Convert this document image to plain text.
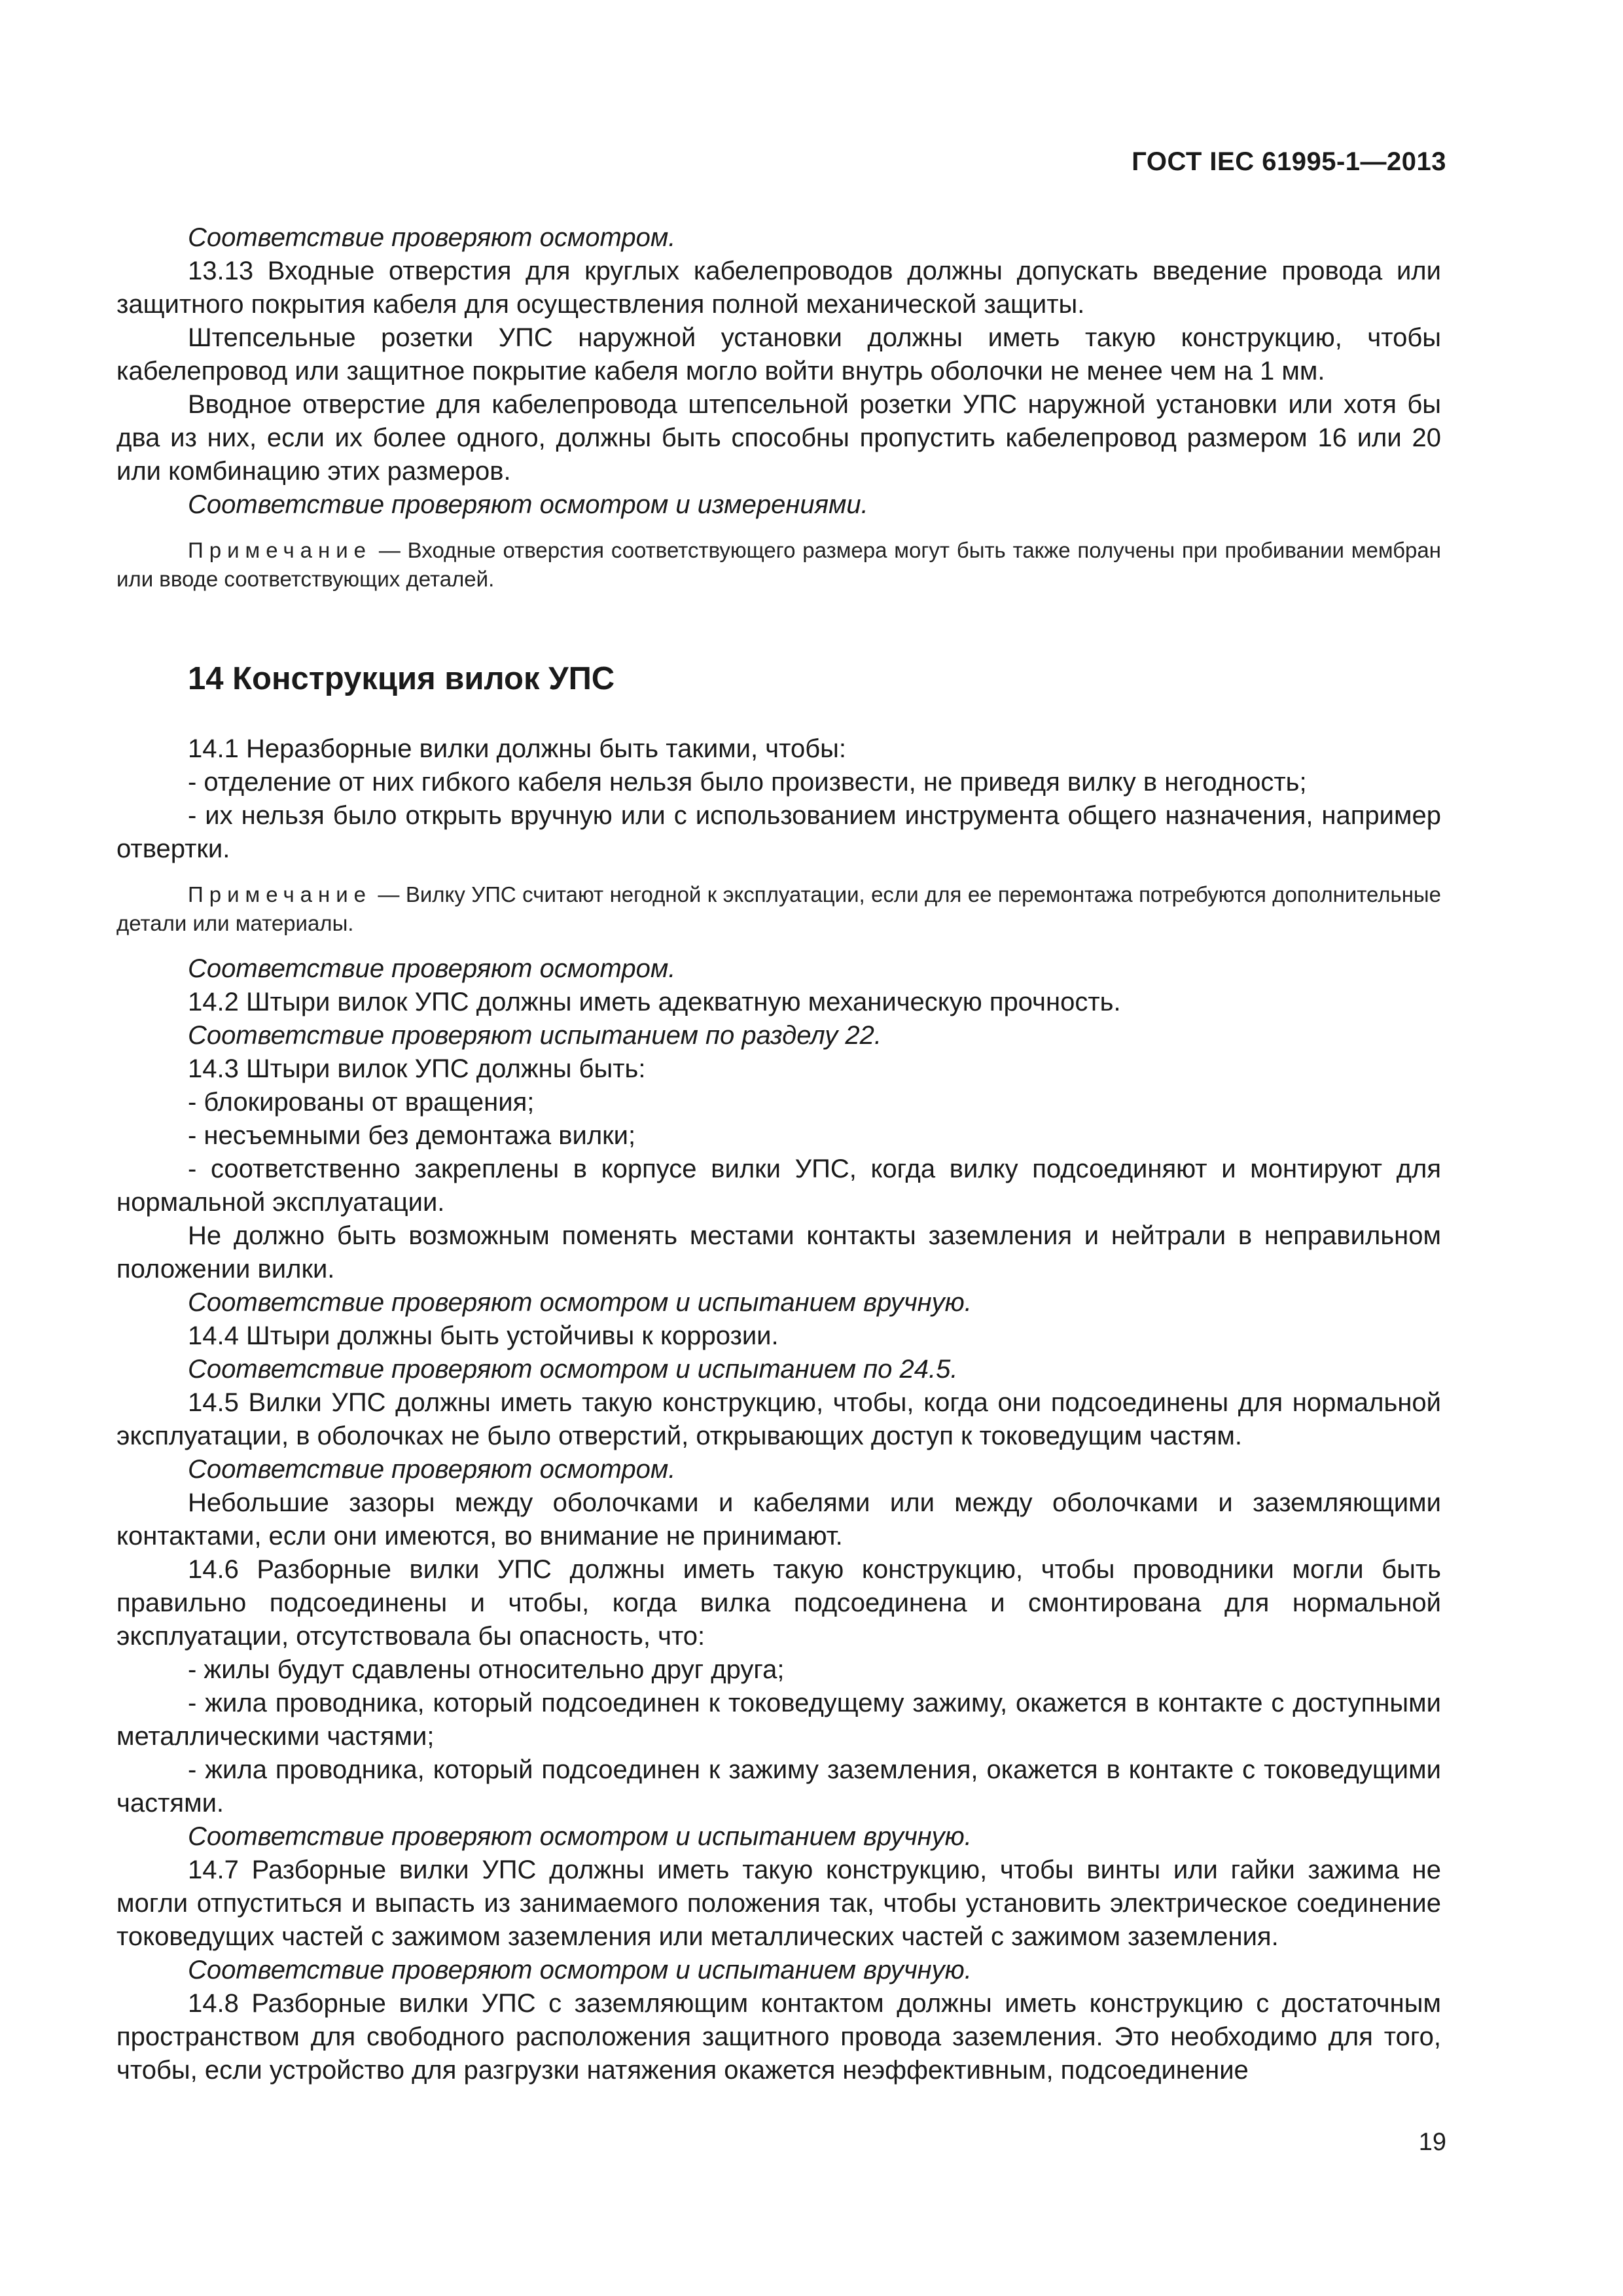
ГОСТ IEC 61995-1—2013

Соответствие проверяют осмотром.

13.13 Входные отверстия для круглых кабелепроводов должны допускать введение провода или защитного покрытия кабеля для осуществления полной механической защиты.

Штепсельные розетки УПС наружной установки должны иметь такую конструкцию, чтобы кабелепровод или защитное покрытие кабеля могло войти внутрь оболочки не менее чем на 1 мм.

Вводное отверстие для кабелепровода штепсельной розетки УПС наружной установки или хотя бы два из них, если их более одного, должны быть способны пропустить кабелепровод размером 16 или 20 или комбинацию этих размеров.

Соответствие проверяют осмотром и измерениями.

Примечание — Входные отверстия соответствующего размера могут быть также получены при пробивании мембран или вводе соответствующих деталей.

14 Конструкция вилок УПС

14.1 Неразборные вилки должны быть такими, чтобы:

- отделение от них гибкого кабеля нельзя было произвести, не приведя вилку в негодность;

- их нельзя было открыть вручную или с использованием инструмента общего назначения, например отвертки.

Примечание — Вилку УПС считают негодной к эксплуатации, если для ее перемонтажа потребуются дополнительные детали или материалы.

Соответствие проверяют осмотром.

14.2 Штыри вилок УПС должны иметь адекватную механическую прочность.

Соответствие проверяют испытанием по разделу 22.

14.3 Штыри вилок УПС должны быть:

- блокированы от вращения;

- несъемными без демонтажа вилки;

- соответственно закреплены в корпусе вилки УПС, когда вилку подсоединяют и монтируют для нормальной эксплуатации.

Не должно быть возможным поменять местами контакты заземления и нейтрали в неправильном положении вилки.

Соответствие проверяют осмотром и испытанием вручную.

14.4 Штыри должны быть устойчивы к коррозии.

Соответствие проверяют осмотром и испытанием по 24.5.

14.5 Вилки УПС должны иметь такую конструкцию, чтобы, когда они подсоединены для нормальной эксплуатации, в оболочках не было отверстий, открывающих доступ к токоведущим частям.

Соответствие проверяют осмотром.

Небольшие зазоры между оболочками и кабелями или между оболочками и заземляющими контактами, если они имеются, во внимание не принимают.

14.6 Разборные вилки УПС должны иметь такую конструкцию, чтобы проводники могли быть правильно подсоединены и чтобы, когда вилка подсоединена и смонтирована для нормальной эксплуатации, отсутствовала бы опасность, что:

- жилы будут сдавлены относительно друг друга;

- жила проводника, который подсоединен к токоведущему зажиму, окажется в контакте с доступными металлическими частями;

- жила проводника, который подсоединен к зажиму заземления, окажется в контакте с токоведущими частями.

Соответствие проверяют осмотром и испытанием вручную.

14.7 Разборные вилки УПС должны иметь такую конструкцию, чтобы винты или гайки зажима не могли отпуститься и выпасть из занимаемого положения так, чтобы установить электрическое соединение токоведущих частей с зажимом заземления или металлических частей с зажимом заземления.

Соответствие проверяют осмотром и испытанием вручную.

14.8 Разборные вилки УПС с заземляющим контактом должны иметь конструкцию с достаточным пространством для свободного расположения защитного провода заземления. Это необходимо для того, чтобы, если устройство для разгрузки натяжения окажется неэффективным, подсоединение

19
